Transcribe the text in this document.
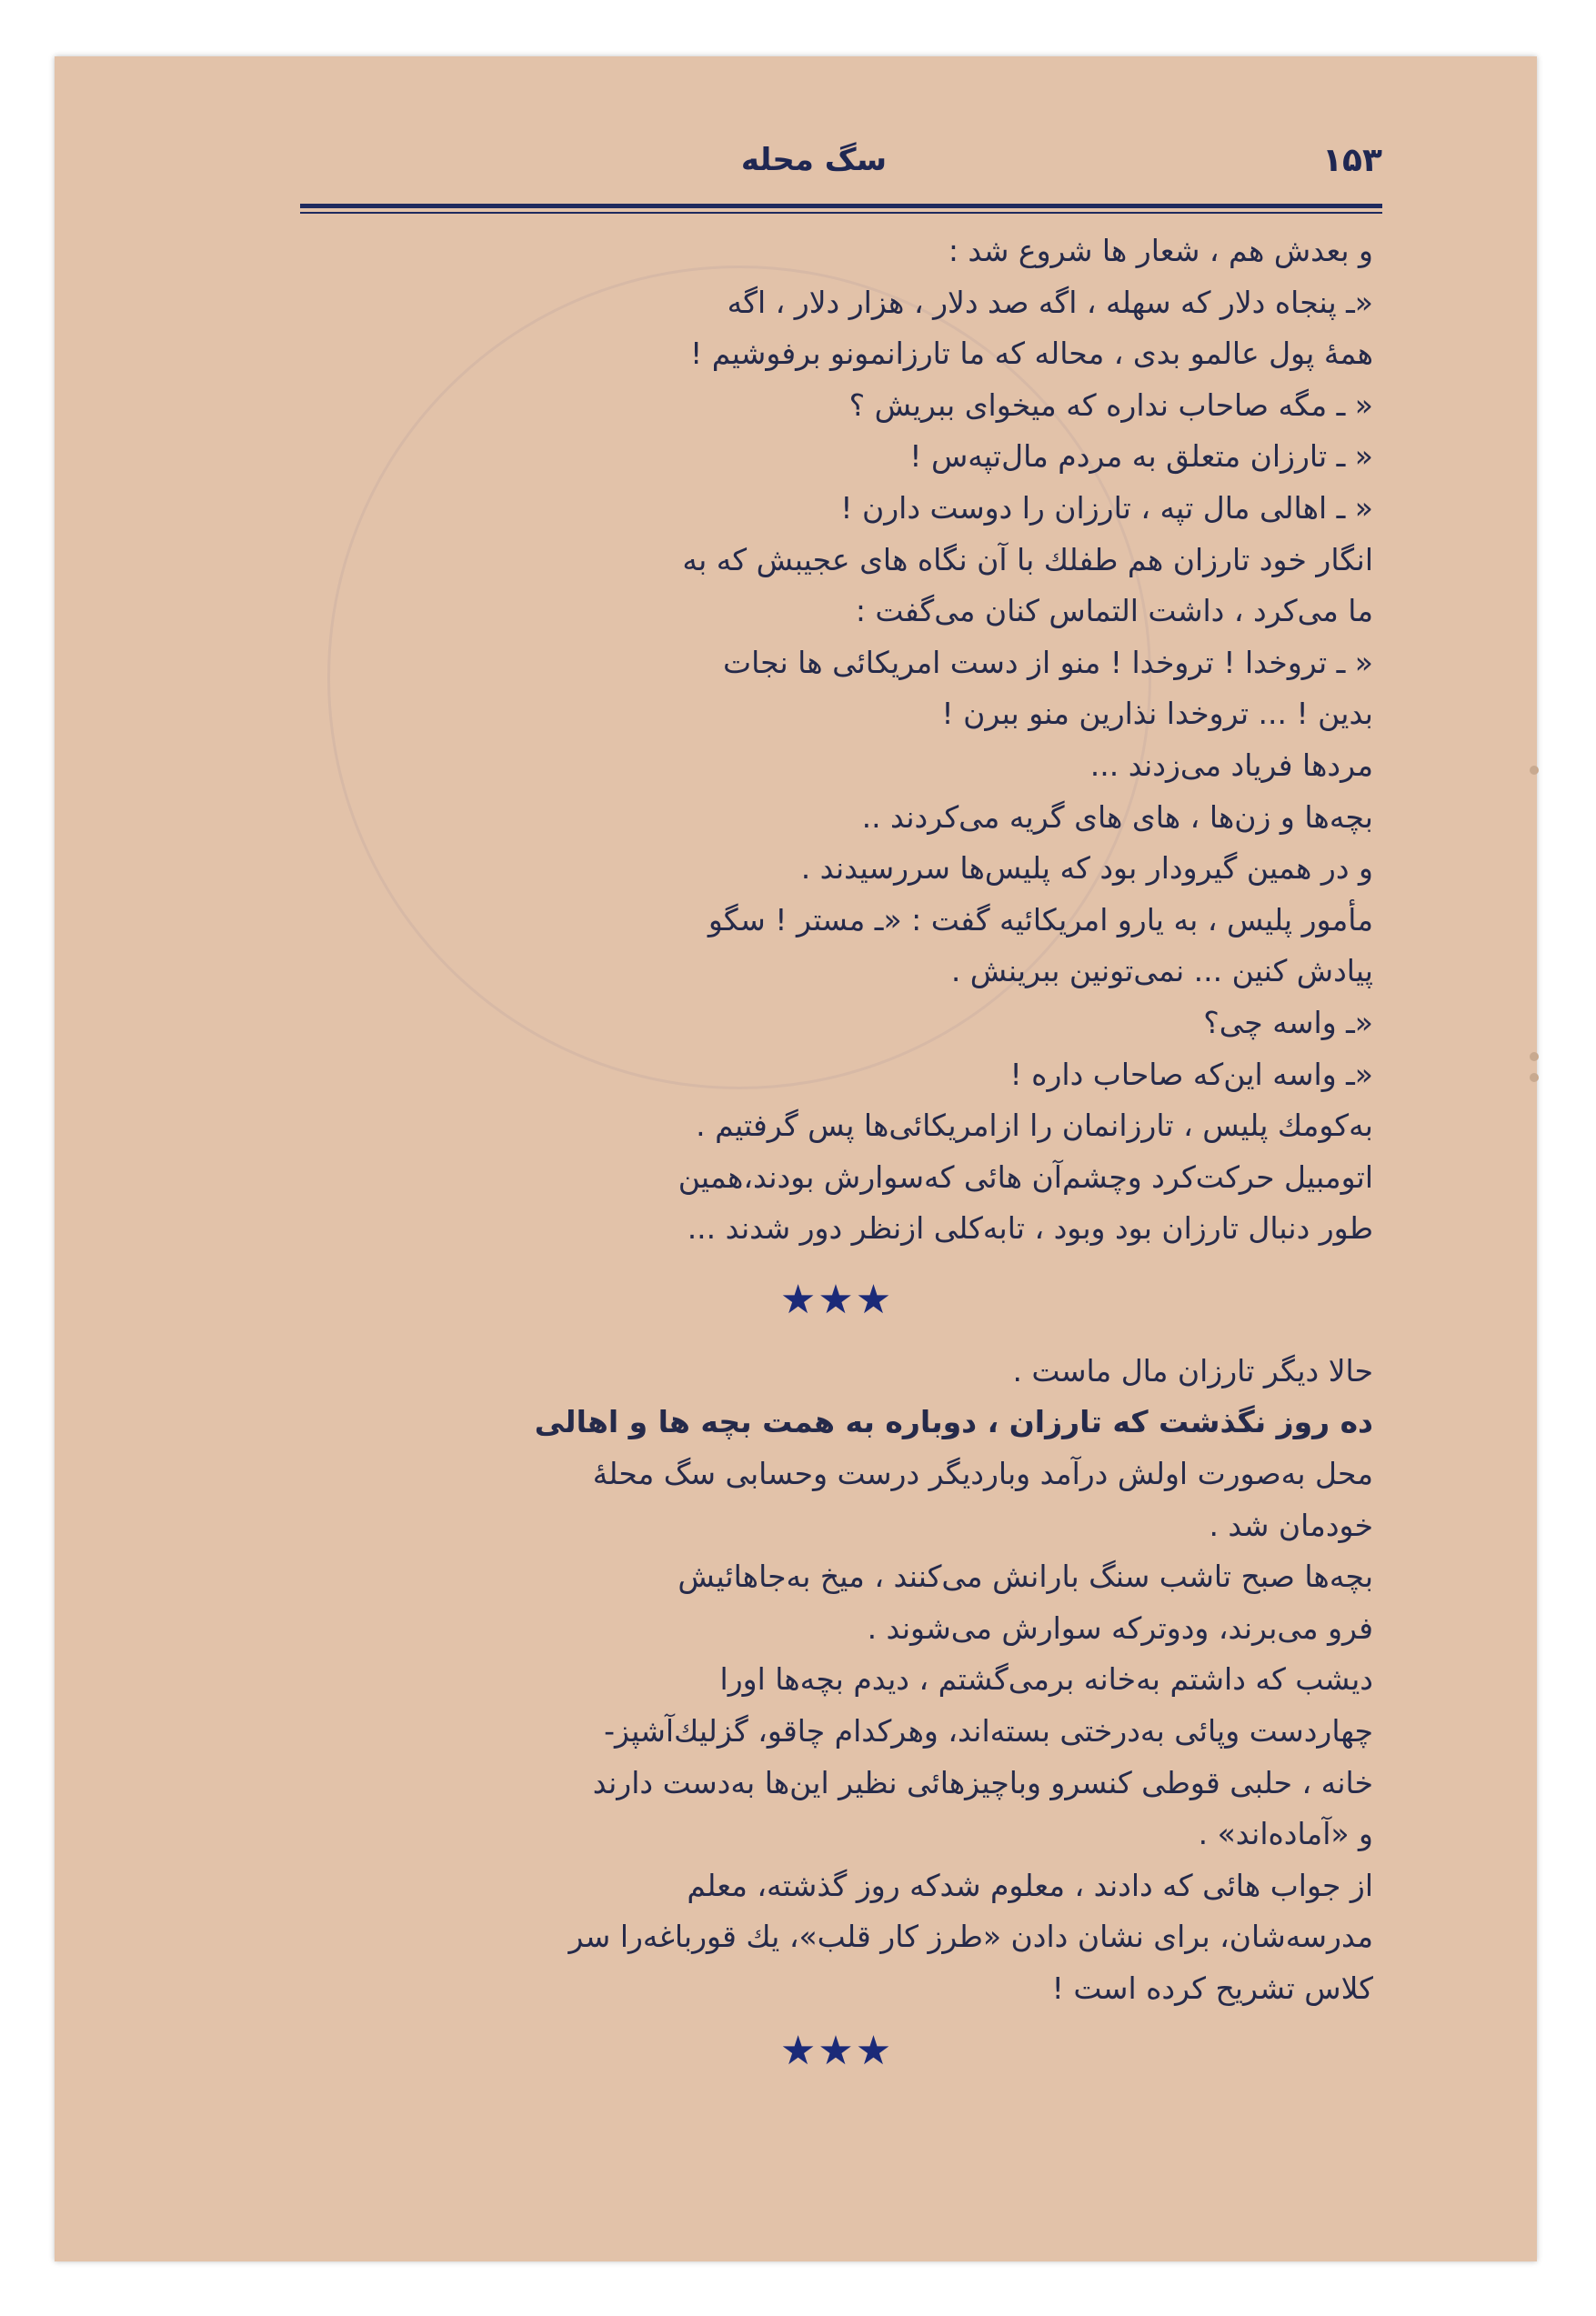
۱۵۳
سگ محله

و بعدش هم ، شعار ها شروع شد :

«ـ پنجاه دلار که سهله ، اگه صد دلار ، هزار دلار ، اگه

همهٔ پول عالمو بدی ، محاله که ما تارزانمونو برفوشیم !

« ـ مگه صاحاب نداره که میخوای ببریش ؟

« ـ تارزان متعلق به مردم مال‌تپه‌س !

« ـ اهالی مال تپه ، تارزان را دوست دارن !

انگار خود تارزان هم طفلك با آن نگاه های عجیبش که به

ما می‌کرد ، داشت التماس کنان می‌گفت :

« ـ تروخدا ! تروخدا ! منو از دست امریکائی ها نجات

بدین ! ... تروخدا نذارین منو ببرن !

مردها فریاد می‌زدند ...

بچه‌ها و زن‌ها ، های های گریه می‌کردند ..

و در همین گیرودار بود که پلیس‌ها سررسیدند .

مأمور پلیس ، به یارو امریکائیه گفت : «ـ مستر ! سگو

پیادش کنین ... نمی‌تونین ببرینش .

«ـ واسه چی؟

«ـ واسه این‌که صاحاب داره !

به‌کومك پلیس ، تارزانمان را ازامریکائی‌ها پس گرفتیم .

اتومبیل حرکت‌کرد وچشم‌آن هائی که‌سوارش بودند،همین

طور دنبال تارزان بود وبود ، تابه‌کلی ازنظر دور شدند ...

★★★

حالا دیگر تارزان مال ماست .

ده روز نگذشت که تارزان ، دوباره به همت بچه ها و اهالی

محل به‌صورت اولش درآمد وباردیگر درست وحسابی سگ محلهٔ

خودمان شد .

بچه‌ها صبح تاشب سنگ بارانش می‌کنند ، میخ به‌جاهائیش

فرو می‌برند، ودوترکه سوارش می‌شوند .

دیشب که داشتم به‌خانه برمی‌گشتم ، دیدم بچه‌ها اورا

چهاردست وپائی به‌درختی بسته‌اند، وهرکدام چاقو، گزلیك‌آشپز-

خانه ، حلبی قوطی کنسرو وباچیزهائی نظیر این‌ها به‌دست دارند

و «آماده‌اند» .

از جواب هائی که دادند ، معلوم شدکه روز گذشته، معلم

مدرسه‌شان، برای نشان دادن «طرز کار قلب»، یك قورباغه‌را سر

کلاس تشریح کرده است !

★★★
